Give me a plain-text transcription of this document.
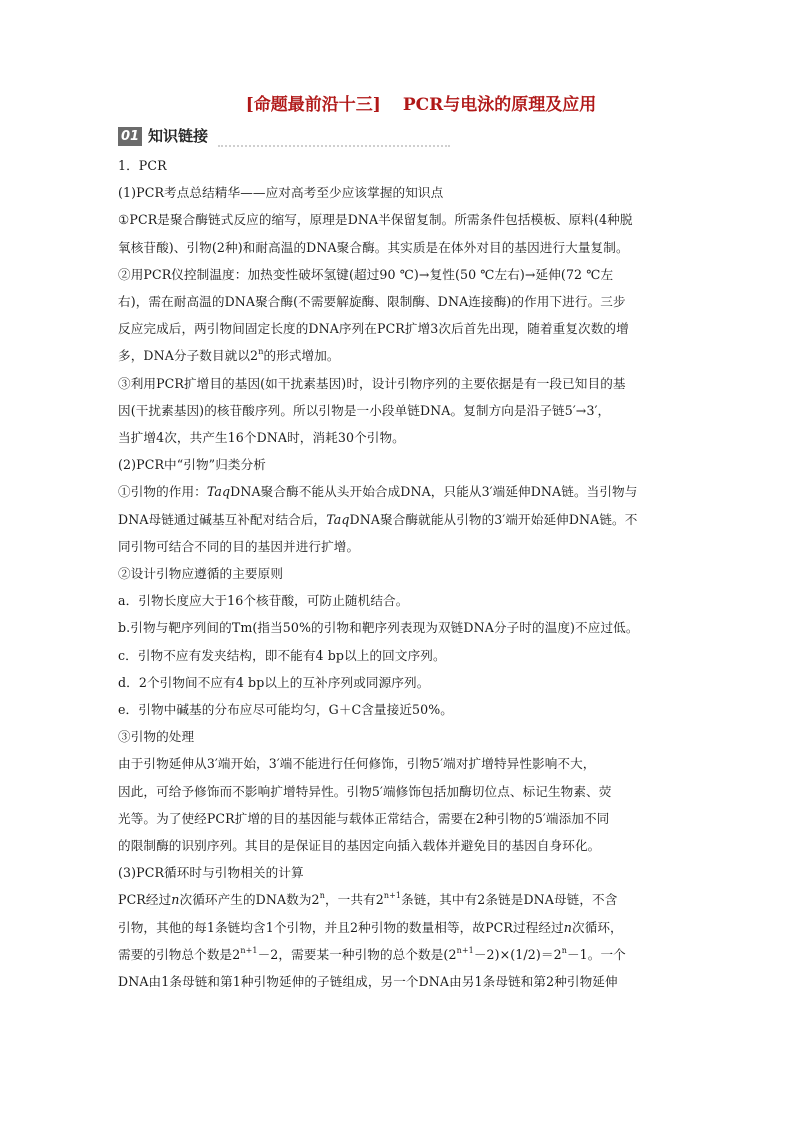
[命题最前沿十三] PCR与电泳的原理及应用
01 知识链接

1．PCR

(1)PCR考点总结精华——应对高考至少应该掌握的知识点

①PCR是聚合酶链式反应的缩写，原理是DNA半保留复制。所需条件包括模板、原料(4种脱

氧核苷酸)、引物(2种)和耐高温的DNA聚合酶。其实质是在体外对目的基因进行大量复制。

②用PCR仪控制温度：加热变性破坏氢键(超过90 ℃)→复性(50 ℃左右)→延伸(72 ℃左

右)，需在耐高温的DNA聚合酶(不需要解旋酶、限制酶、DNA连接酶)的作用下进行。三步

反应完成后，两引物间固定长度的DNA序列在PCR扩增3次后首先出现，随着重复次数的增

多，DNA分子数目就以2$^n$的形式增加。

③利用PCR扩增目的基因(如干扰素基因)时，设计引物序列的主要依据是有一段已知目的基

因(干扰素基因)的核苷酸序列。所以引物是一小段单链DNA。复制方向是沿子链5′→3′，

当扩增4次，共产生16个DNA时，消耗30个引物。

(2)PCR中“引物”归类分析

①引物的作用：TaqDNA聚合酶不能从头开始合成DNA，只能从3′端延伸DNA链。当引物与

DNA母链通过碱基互补配对结合后，TaqDNA聚合酶就能从引物的3′端开始延伸DNA链。不

同引物可结合不同的目的基因并进行扩增。

②设计引物应遵循的主要原则

a．引物长度应大于16个核苷酸，可防止随机结合。

b.引物与靶序列间的Tm(指当50%的引物和靶序列表现为双链DNA分子时的温度)不应过低。

c．引物不应有发夹结构，即不能有4 bp以上的回文序列。

d．2个引物间不应有4 bp以上的互补序列或同源序列。

e．引物中碱基的分布应尽可能均匀，G＋C含量接近50%。

③引物的处理

由于引物延伸从3′端开始，3′端不能进行任何修饰，引物5′端对扩增特异性影响不大，

因此，可给予修饰而不影响扩增特异性。引物5′端修饰包括加酶切位点、标记生物素、荧

光等。为了使经PCR扩增的目的基因能与载体正常结合，需要在2种引物的5′端添加不同

的限制酶的识别序列。其目的是保证目的基因定向插入载体并避免目的基因自身环化。

(3)PCR循环时与引物相关的计算

PCR经过n次循环产生的DNA数为2$^n$，一共有$2^{n+1}$条链，其中有2条链是DNA母链，不含

引物，其他的每1条链均含1个引物，并且2种引物的数量相等，故PCR过程经过n次循环，

需要的引物总个数是$2^{n+1}-2$，需要某一种引物的总个数是$(2^{n+1}-2)\times(1/2)=2^n-1$。一个

DNA由1条母链和第1种引物延伸的子链组成，另一个DNA由另1条母链和第2种引物延伸
